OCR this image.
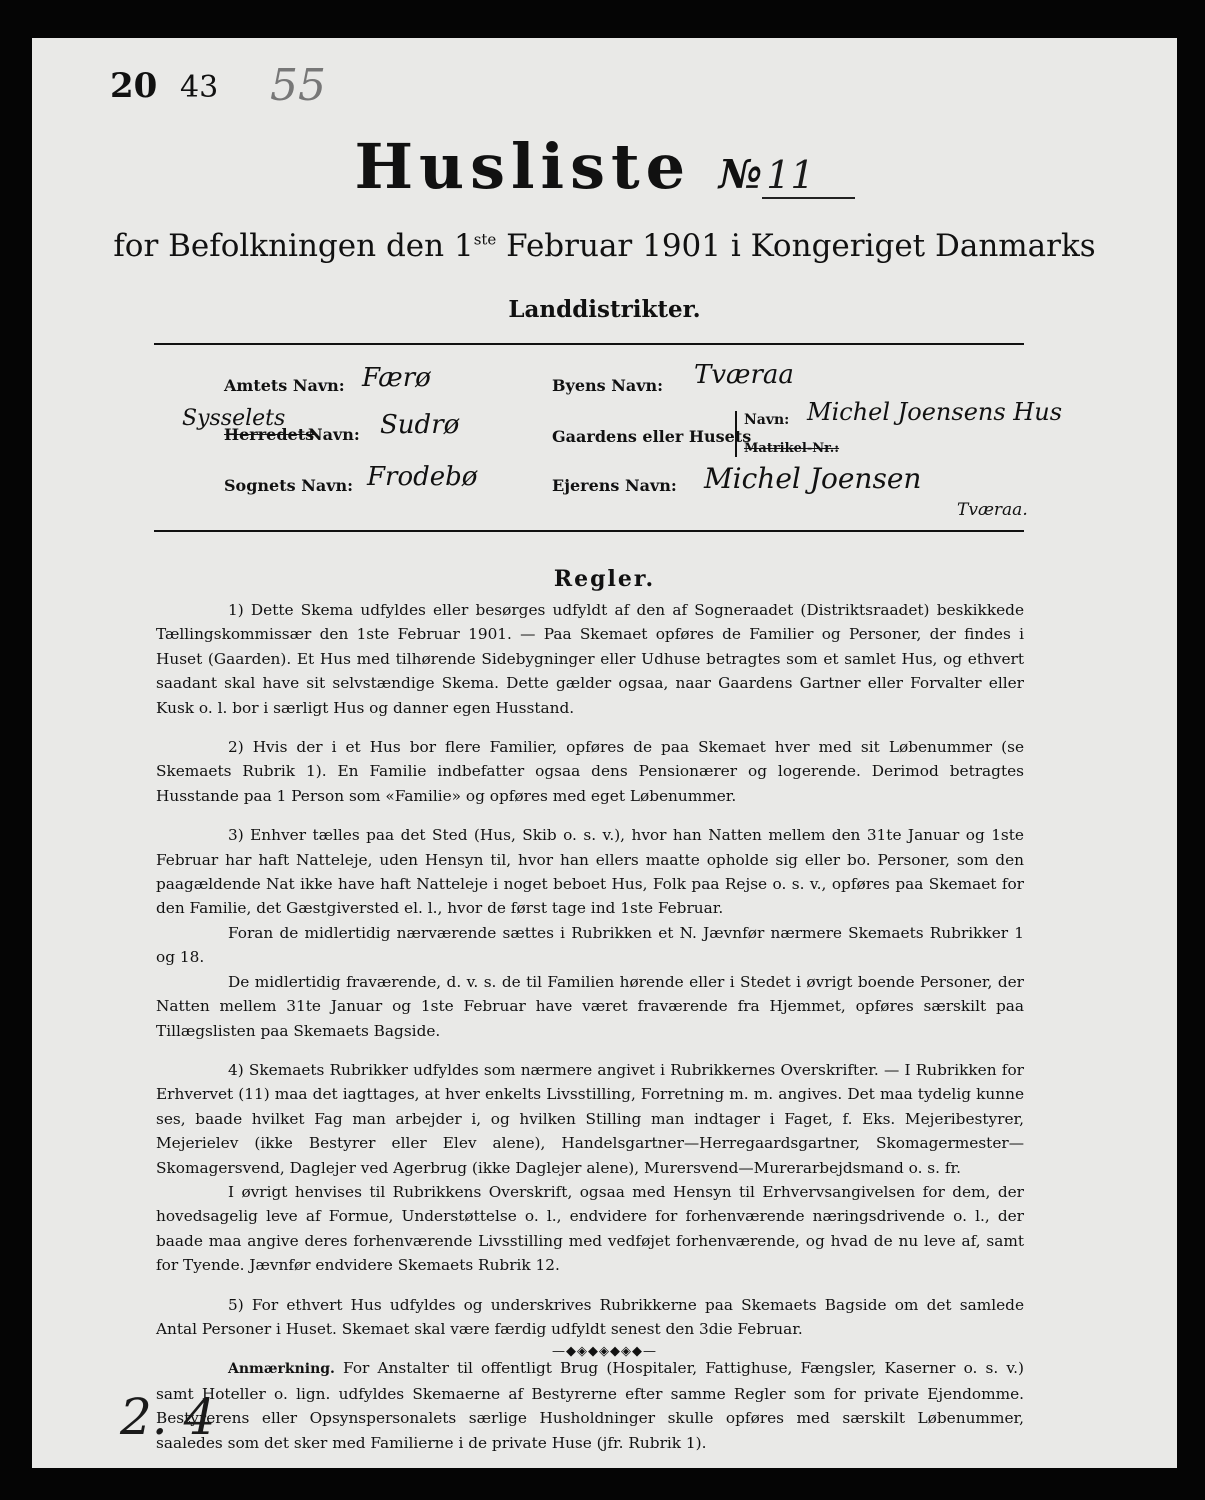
20 43 55
Husliste № 11
for Befolkningen den 1ste Februar 1901 i Kongeriget Danmarks
Landdistrikter.
Amtets Navn: Færø
Sysselets
Herredets
Navn: Sudrø
Sognets Navn: Frodebø
Byens Navn: Tværaa
Gaardens eller Husets
Navn: Michel Joensens Hus
Matrikel-Nr.:
Ejerens Navn: Michel Joensen
Tværaa.
Regler.

1) Dette Skema udfyldes eller besørges udfyldt af den af Sogneraadet (Distriktsraadet) beskikkede Tællingskommissær den 1ste Februar 1901. — Paa Skemaet opføres de Familier og Personer, der findes i Huset (Gaarden). Et Hus med tilhørende Sidebygninger eller Udhuse betragtes som et samlet Hus, og ethvert saadant skal have sit selvstændige Skema. Dette gælder ogsaa, naar Gaardens Gartner eller Forvalter eller Kusk o. l. bor i særligt Hus og danner egen Husstand.

2) Hvis der i et Hus bor flere Familier, opføres de paa Skemaet hver med sit Løbenummer (se Skemaets Rubrik 1). En Familie indbefatter ogsaa dens Pensionærer og logerende. Derimod betragtes Husstande paa 1 Person som «Familie» og opføres med eget Løbenummer.

3) Enhver tælles paa det Sted (Hus, Skib o. s. v.), hvor han Natten mellem den 31te Januar og 1ste Februar har haft Natteleje, uden Hensyn til, hvor han ellers maatte opholde sig eller bo. Personer, som den paagældende Nat ikke have haft Natteleje i noget beboet Hus, Folk paa Rejse o. s. v., opføres paa Skemaet for den Familie, det Gæstgiversted el. l., hvor de først tage ind 1ste Februar.

Foran de midlertidig nærværende sættes i Rubrikken et N. Jævnfør nærmere Skemaets Rubrikker 1 og 18.

De midlertidig fraværende, d. v. s. de til Familien hørende eller i Stedet i øvrigt boende Personer, der Natten mellem 31te Januar og 1ste Februar have været fraværende fra Hjemmet, opføres særskilt paa Tillægslisten paa Skemaets Bagside.

4) Skemaets Rubrikker udfyldes som nærmere angivet i Rubrikkernes Overskrifter. — I Rubrikken for Erhvervet (11) maa det iagttages, at hver enkelts Livsstilling, Forretning m. m. angives. Det maa tydelig kunne ses, baade hvilket Fag man arbejder i, og hvilken Stilling man indtager i Faget, f. Eks. Mejeribestyrer, Mejerielev (ikke Bestyrer eller Elev alene), Handelsgartner—Herregaardsgartner, Skomagermester—Skomagersvend, Daglejer ved Agerbrug (ikke Daglejer alene), Murersvend—Murerarbejdsmand o. s. fr.

I øvrigt henvises til Rubrikkens Overskrift, ogsaa med Hensyn til Erhvervsangivelsen for dem, der hovedsagelig leve af Formue, Understøttelse o. l., endvidere for forhenværende næringsdrivende o. l., der baade maa angive deres forhenværende Livsstilling med vedføjet forhenværende, og hvad de nu leve af, samt for Tyende. Jævnfør endvidere Skemaets Rubrik 12.

5) For ethvert Hus udfyldes og underskrives Rubrikkerne paa Skemaets Bagside om det samlede Antal Personer i Huset. Skemaet skal være færdig udfyldt senest den 3die Februar.

Anmærkning. For Anstalter til offentligt Brug (Hospitaler, Fattighuse, Fængsler, Kaserner o. s. v.) samt Hoteller o. lign. udfyldes Skemaerne af Bestyrerne efter samme Regler som for private Ejendomme. Bestyrerens eller Opsynspersonalets særlige Husholdninger skulle opføres med særskilt Løbenummer, saaledes som det sker med Familierne i de private Huse (jfr. Rubrik 1).

—◆◈◆◈◆◈◆—
2. 4
